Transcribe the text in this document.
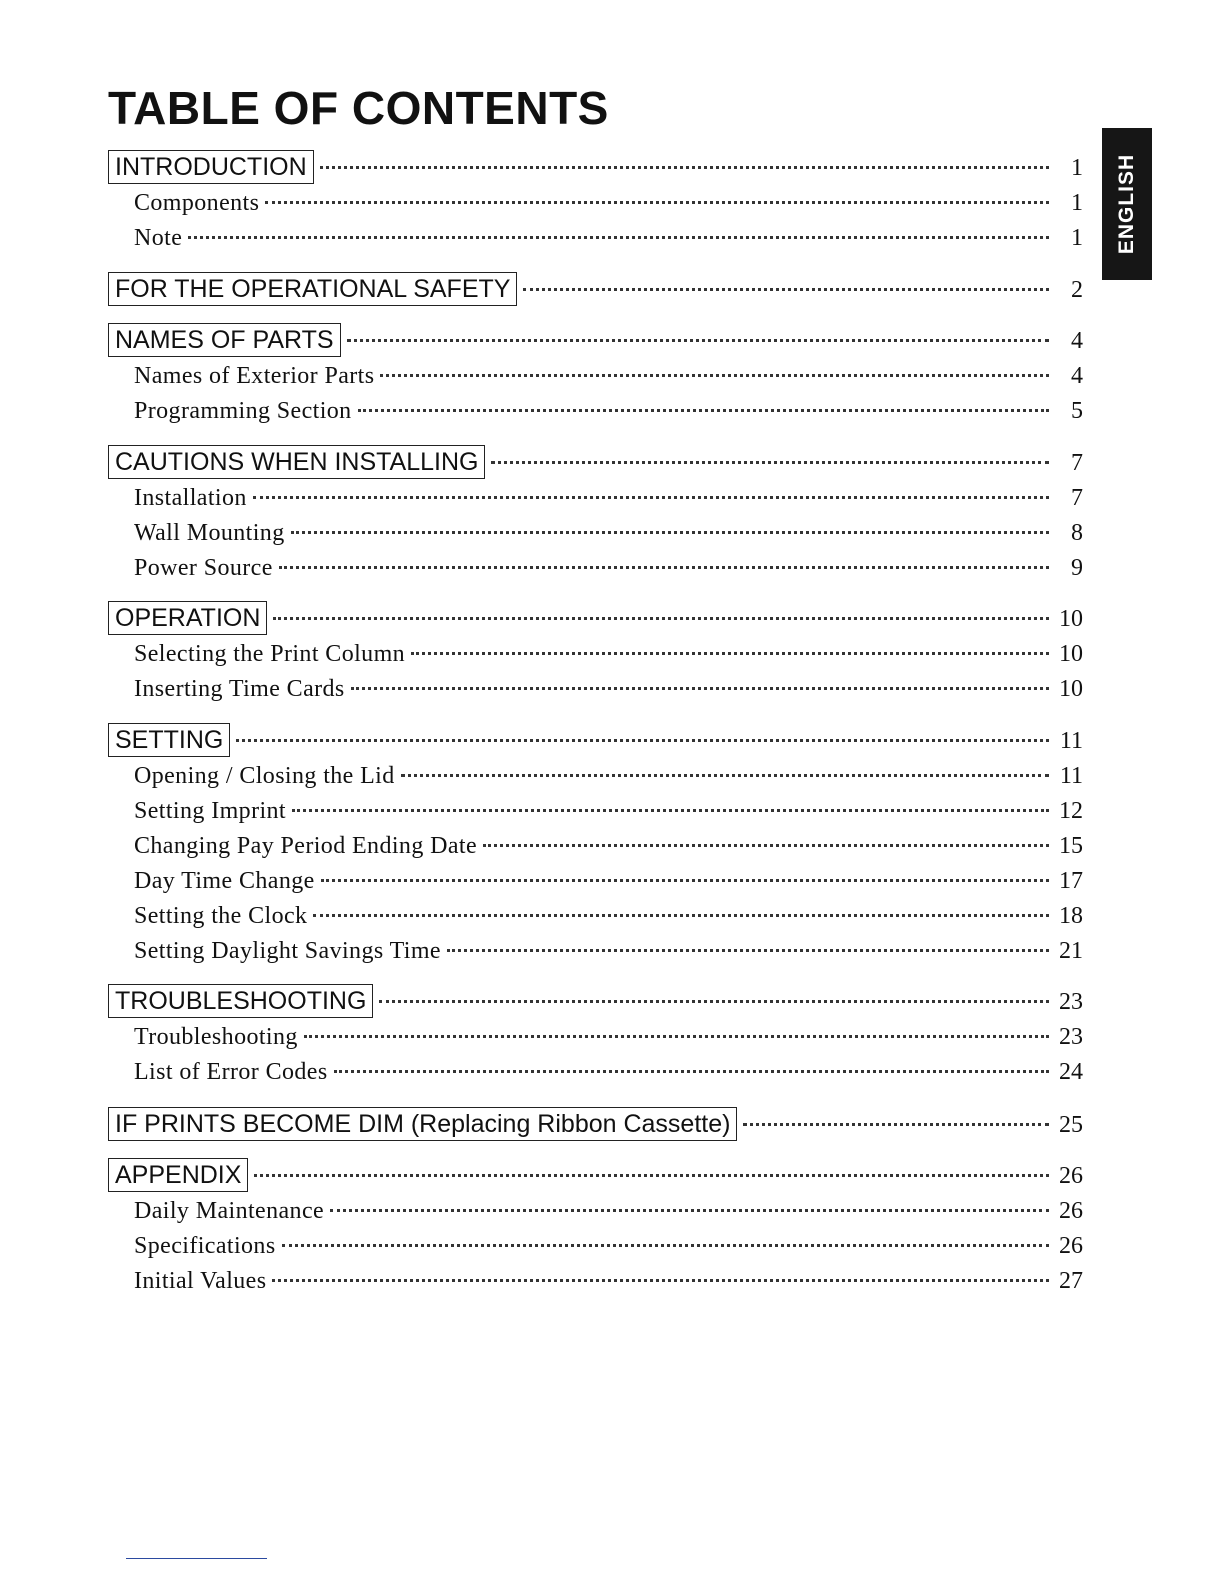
TABLE OF CONTENTS
ENGLISH
INTRODUCTION	1
Components	1
Note	1
FOR THE OPERATIONAL SAFETY	2
NAMES OF PARTS	4
Names of Exterior Parts	4
Programming Section	5
CAUTIONS WHEN INSTALLING	7
Installation	7
Wall Mounting	8
Power Source	9
OPERATION	10
Selecting the Print Column	10
Inserting Time Cards	10
SETTING	11
Opening / Closing the Lid	11
Setting Imprint	12
Changing Pay Period Ending Date	15
Day Time Change	17
Setting the Clock	18
Setting Daylight Savings Time	21
TROUBLESHOOTING	23
Troubleshooting	23
List of Error Codes	24
IF PRINTS BECOME DIM (Replacing Ribbon Cassette)	25
APPENDIX	26
Daily Maintenance	26
Specifications	26
Initial Values	27
